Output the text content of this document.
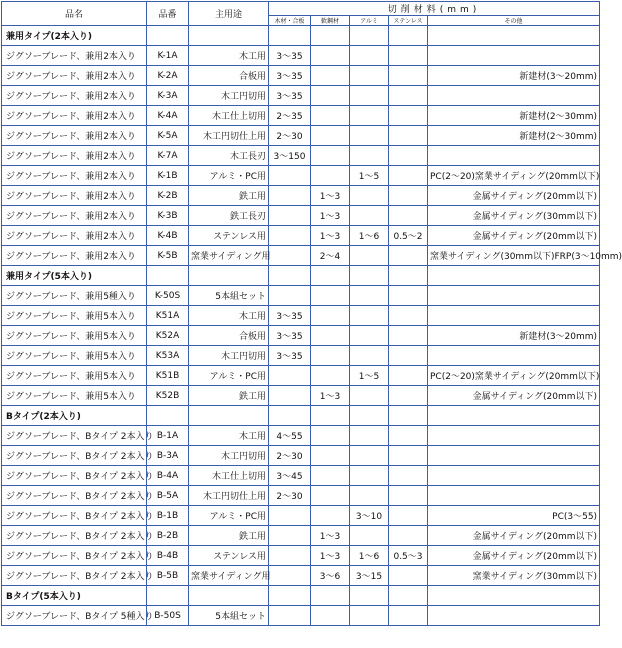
品名	品番	主用途	切削材料(mm)				
			木材・合板	軟鋼材	アルミ	ステンレス	その他
兼用タイプ(2本入り)							
ジグソーブレード、兼用2本入り	K-1A	木工用	3～35				
ジグソーブレード、兼用2本入り	K-2A	合板用	3～35				新建材(3～20mm)
ジグソーブレード、兼用2本入り	K-3A	木工円切用	3～35				
ジグソーブレード、兼用2本入り	K-4A	木工仕上切用	2～35				新建材(2～30mm)
ジグソーブレード、兼用2本入り	K-5A	木工円切仕上用	2～30				新建材(2～30mm)
ジグソーブレード、兼用2本入り	K-7A	木工長刃	3～150				
ジグソーブレード、兼用2本入り	K-1B	アルミ・PC用			1～5		PC(2～20)窯業サイディング(20mm以下)
ジグソーブレード、兼用2本入り	K-2B	鉄工用		1～3			金属サイディング(20mm以下)
ジグソーブレード、兼用2本入り	K-3B	鉄工長刃		1～3			金属サイディング(30mm以下)
ジグソーブレード、兼用2本入り	K-4B	ステンレス用		1～3	1～6	0.5～2	金属サイディング(20mm以下)
ジグソーブレード、兼用2本入り	K-5B	窯業サイディング用		2～4			窯業サイディング(30mm以下)FRP(3～10mm)
兼用タイプ(5本入り)							
ジグソーブレード、兼用5種入り	K-50S	5本組セット					
ジグソーブレード、兼用5本入り	K51A	木工用	3～35				
ジグソーブレード、兼用5本入り	K52A	合板用	3～35				新建材(3～20mm)
ジグソーブレード、兼用5本入り	K53A	木工円切用	3～35				
ジグソーブレード、兼用5本入り	K51B	アルミ・PC用			1～5		PC(2～20)窯業サイディング(20mm以下)
ジグソーブレード、兼用5本入り	K52B	鉄工用		1～3			金属サイディング(20mm以下)
Bタイプ(2本入り)							
ジグソーブレード、Bタイプ 2本入り	B-1A	木工用	4～55				
ジグソーブレード、Bタイプ 2本入り	B-3A	木工円切用	2～30				
ジグソーブレード、Bタイプ 2本入り	B-4A	木工仕上切用	3～45				
ジグソーブレード、Bタイプ 2本入り	B-5A	木工円切仕上用	2～30				
ジグソーブレード、Bタイプ 2本入り	B-1B	アルミ・PC用			3～10		PC(3～55)
ジグソーブレード、Bタイプ 2本入り	B-2B	鉄工用		1～3			金属サイディング(20mm以下)
ジグソーブレード、Bタイプ 2本入り	B-4B	ステンレス用		1～3	1～6	0.5～3	金属サイディング(20mm以下)
ジグソーブレード、Bタイプ 2本入り	B-5B	窯業サイディング用		3～6	3～15		窯業サイディング(30mm以下)
Bタイプ(5本入り)							
ジグソーブレード、Bタイプ 5種入り	B-50S	5本組セット					
